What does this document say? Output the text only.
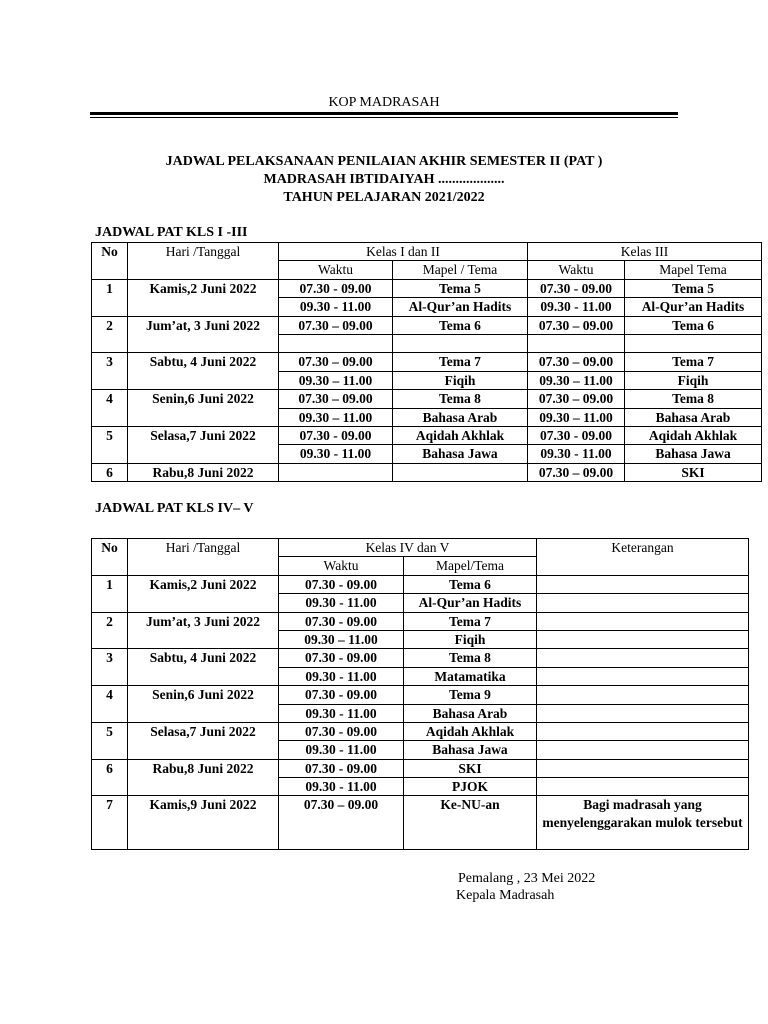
KOP MADRASAH
JADWAL PELAKSANAAN PENILAIAN AKHIR SEMESTER II (PAT )
MADRASAH IBTIDAIYAH ...................
TAHUN PELAJARAN 2021/2022
JADWAL PAT KLS I -III
No	Hari /Tanggal	Kelas I dan II		Kelas III	
		Waktu	Mapel / Tema	Waktu	Mapel Tema
1	Kamis,2 Juni 2022	07.30 - 09.00	Tema 5	07.30 - 09.00	Tema 5
		09.30 - 11.00	Al-Qur’an Hadits	09.30 - 11.00	Al-Qur’an Hadits
2	Jum’at, 3 Juni 2022	07.30 – 09.00	Tema 6	07.30 – 09.00	Tema 6

3	Sabtu, 4 Juni 2022	07.30 – 09.00	Tema 7	07.30 – 09.00	Tema 7
		09.30 – 11.00	Fiqih	09.30 – 11.00	Fiqih
4	Senin,6 Juni 2022	07.30 – 09.00	Tema 8	07.30 – 09.00	Tema 8
		09.30 – 11.00	Bahasa Arab	09.30 – 11.00	Bahasa Arab
5	Selasa,7 Juni 2022	07.30 - 09.00	Aqidah Akhlak	07.30 - 09.00	Aqidah Akhlak
		09.30 - 11.00	Bahasa Jawa	09.30 - 11.00	Bahasa Jawa
6	Rabu,8 Juni 2022			07.30 – 09.00	SKI
JADWAL PAT KLS IV– V
No	Hari /Tanggal	Kelas IV dan V		Keterangan
		Waktu	Mapel/Tema	
1	Kamis,2 Juni 2022	07.30 - 09.00	Tema 6	
		09.30 - 11.00	Al-Qur’an Hadits	
2	Jum’at, 3 Juni 2022	07.30 - 09.00	Tema 7	
		09.30 – 11.00	Fiqih	
3	Sabtu, 4 Juni 2022	07.30 - 09.00	Tema 8	
		09.30 - 11.00	Matamatika	
4	Senin,6 Juni 2022	07.30 - 09.00	Tema 9	
		09.30 - 11.00	Bahasa Arab	
5	Selasa,7 Juni 2022	07.30 - 09.00	Aqidah Akhlak	
		09.30 - 11.00	Bahasa Jawa	
6	Rabu,8 Juni 2022	07.30 - 09.00	SKI	
		09.30 - 11.00	PJOK	
7	Kamis,9 Juni 2022	07.30 – 09.00	Ke-NU-an	Bagi madrasah yang menyelenggarakan mulok tersebut
Pemalang , 23 Mei 2022
Kepala Madrasah
